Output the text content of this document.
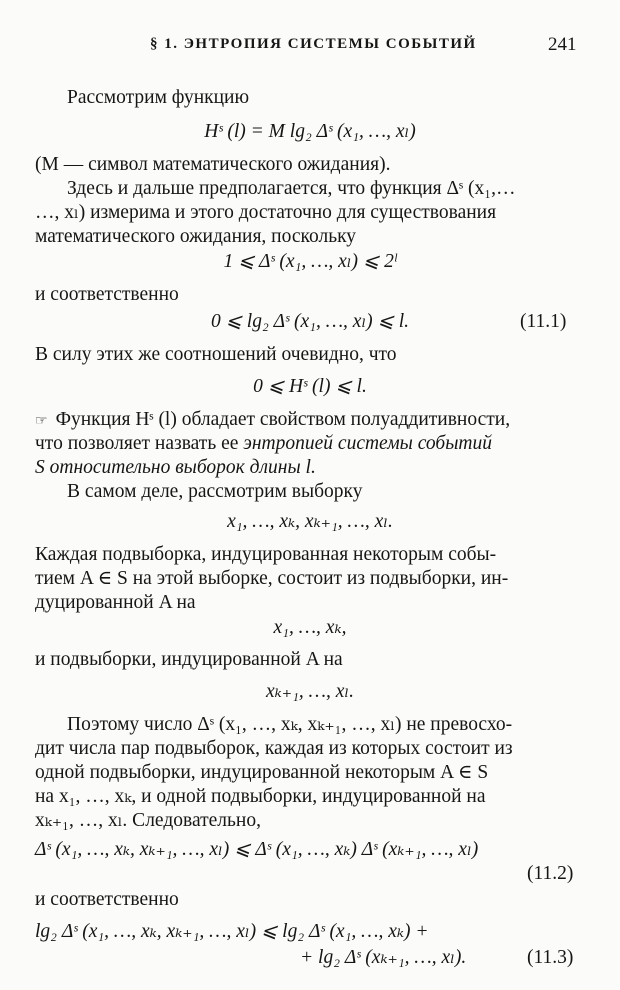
§ 1. ЭНТРОПИЯ СИСТЕМЫ СОБЫТИЙ	241
Рассмотрим функцию
Hˢ (l) = M lg₂ Δˢ (x₁, …, xₗ)
(M — символ математического ожидания).
Здесь и дальше предполагается, что функция Δˢ (x₁,…
…, xₗ) измерима и этого достаточно для существования
математического ожидания, поскольку
1 ⩽ Δˢ (x₁, …, xₗ) ⩽ 2ˡ
и соответственно
0 ⩽ lg₂ Δˢ (x₁, …, xₗ) ⩽ l.	(11.1)
В силу этих же соотношений очевидно, что
0 ⩽ Hˢ (l) ⩽ l.
☞ Функция Hˢ (l) обладает свойством полуаддитивности,
что позволяет назвать ее энтропией системы событий
S относительно выборок длины l.
В самом деле, рассмотрим выборку
x₁, …, xₖ, xₖ₊₁, …, xₗ.
Каждая подвыборка, индуцированная некоторым собы-
тием A ∈ S на этой выборке, состоит из подвыборки, ин-
дуцированной A на
x₁, …, xₖ,
и подвыборки, индуцированной A на
xₖ₊₁, …, xₗ.
Поэтому число Δˢ (x₁, …, xₖ, xₖ₊₁, …, xₗ) не превосхо-
дит числа пар подвыборок, каждая из которых состоит из
одной подвыборки, индуцированной некоторым A ∈ S
на x₁, …, xₖ, и одной подвыборки, индуцированной на
xₖ₊₁, …, xₗ. Следовательно,
Δˢ (x₁, …, xₖ, xₖ₊₁, …, xₗ) ⩽ Δˢ (x₁, …, xₖ) Δˢ (xₖ₊₁, …, xₗ)
(11.2)
и соответственно
lg₂ Δˢ (x₁, …, xₖ, xₖ₊₁, …, xₗ) ⩽ lg₂ Δˢ (x₁, …, xₖ) +
+ lg₂ Δˢ (xₖ₊₁, …, xₗ).	(11.3)
